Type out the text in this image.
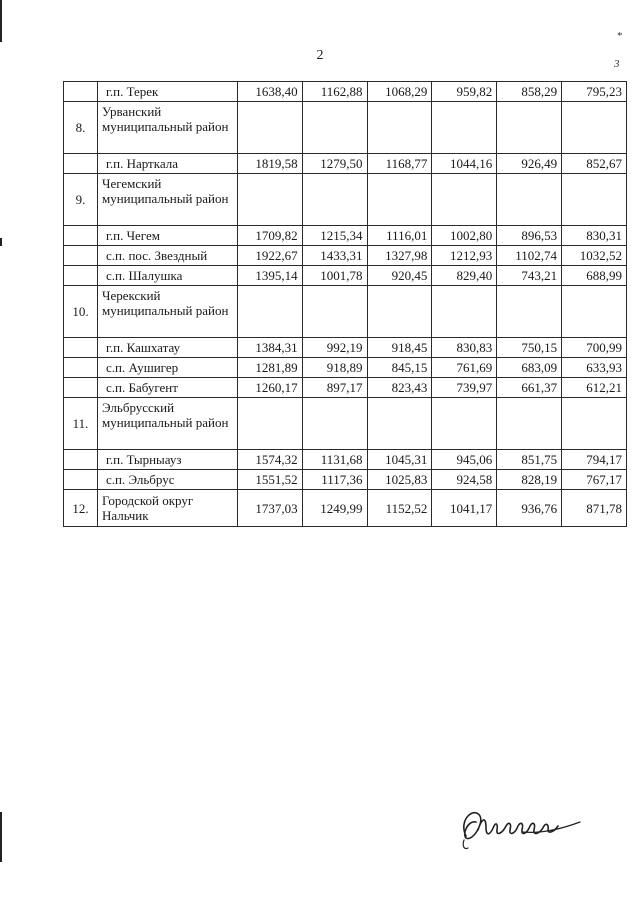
2
*
3
	г.п. Терек	1638,40	1162,88	1068,29	959,82	858,29	795,23
8.	Урванский муниципальный район						
	г.п. Нарткала	1819,58	1279,50	1168,77	1044,16	926,49	852,67
9.	Чегемский муниципальный район						
	г.п. Чегем	1709,82	1215,34	1116,01	1002,80	896,53	830,31
	с.п. пос. Звездный	1922,67	1433,31	1327,98	1212,93	1102,74	1032,52
	с.п. Шалушка	1395,14	1001,78	920,45	829,40	743,21	688,99
10.	Черекский муниципальный район						
	г.п. Кашхатау	1384,31	992,19	918,45	830,83	750,15	700,99
	с.п. Аушигер	1281,89	918,89	845,15	761,69	683,09	633,93
	с.п. Бабугент	1260,17	897,17	823,43	739,97	661,37	612,21
11.	Эльбрусский муниципальный район						
	г.п. Тырныауз	1574,32	1131,68	1045,31	945,06	851,75	794,17
	с.п. Эльбрус	1551,52	1117,36	1025,83	924,58	828,19	767,17
12.	Городской округ Нальчик	1737,03	1249,99	1152,52	1041,17	936,76	871,78
